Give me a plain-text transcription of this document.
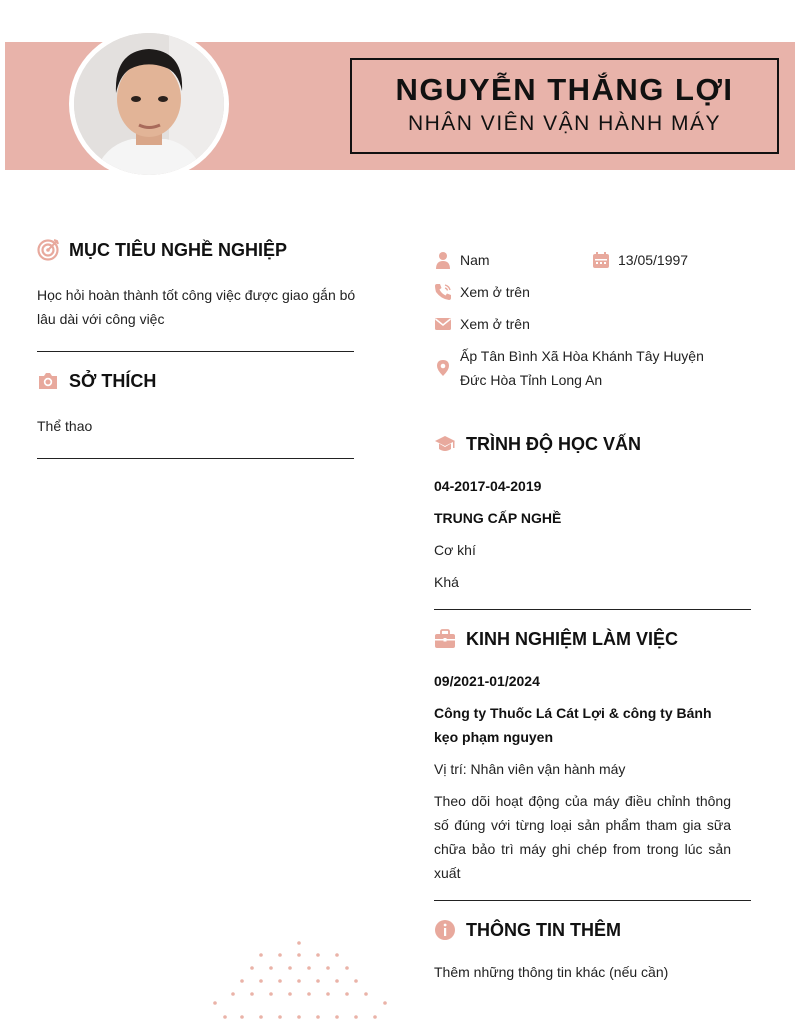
NGUYỄN THẮNG LỢI
NHÂN VIÊN VẬN HÀNH MÁY
MỤC TIÊU NGHỀ NGHIỆP
Học hỏi hoàn thành tốt công việc được giao gắn bó lâu dài với công việc
SỞ THÍCH
Thể thao
Nam	13/05/1997
Xem ở trên
Xem ở trên
Ấp Tân Bình Xã Hòa Khánh Tây Huyện Đức Hòa Tỉnh Long An
TRÌNH ĐỘ HỌC VẤN
04-2017-04-2019
TRUNG CẤP NGHỀ
Cơ khí
Khá
KINH NGHIỆM LÀM VIỆC
09/2021-01/2024
Công ty Thuốc Lá Cát Lợi & công ty Bánh kẹo phạm nguyen
Vị trí: Nhân viên vận hành máy
Theo dõi hoạt động của máy điều chỉnh thông số đúng với từng loại sản phẩm tham gia sữa chữa bảo trì máy ghi chép from trong lúc sản xuất
THÔNG TIN THÊM
Thêm những thông tin khác (nếu cần)
